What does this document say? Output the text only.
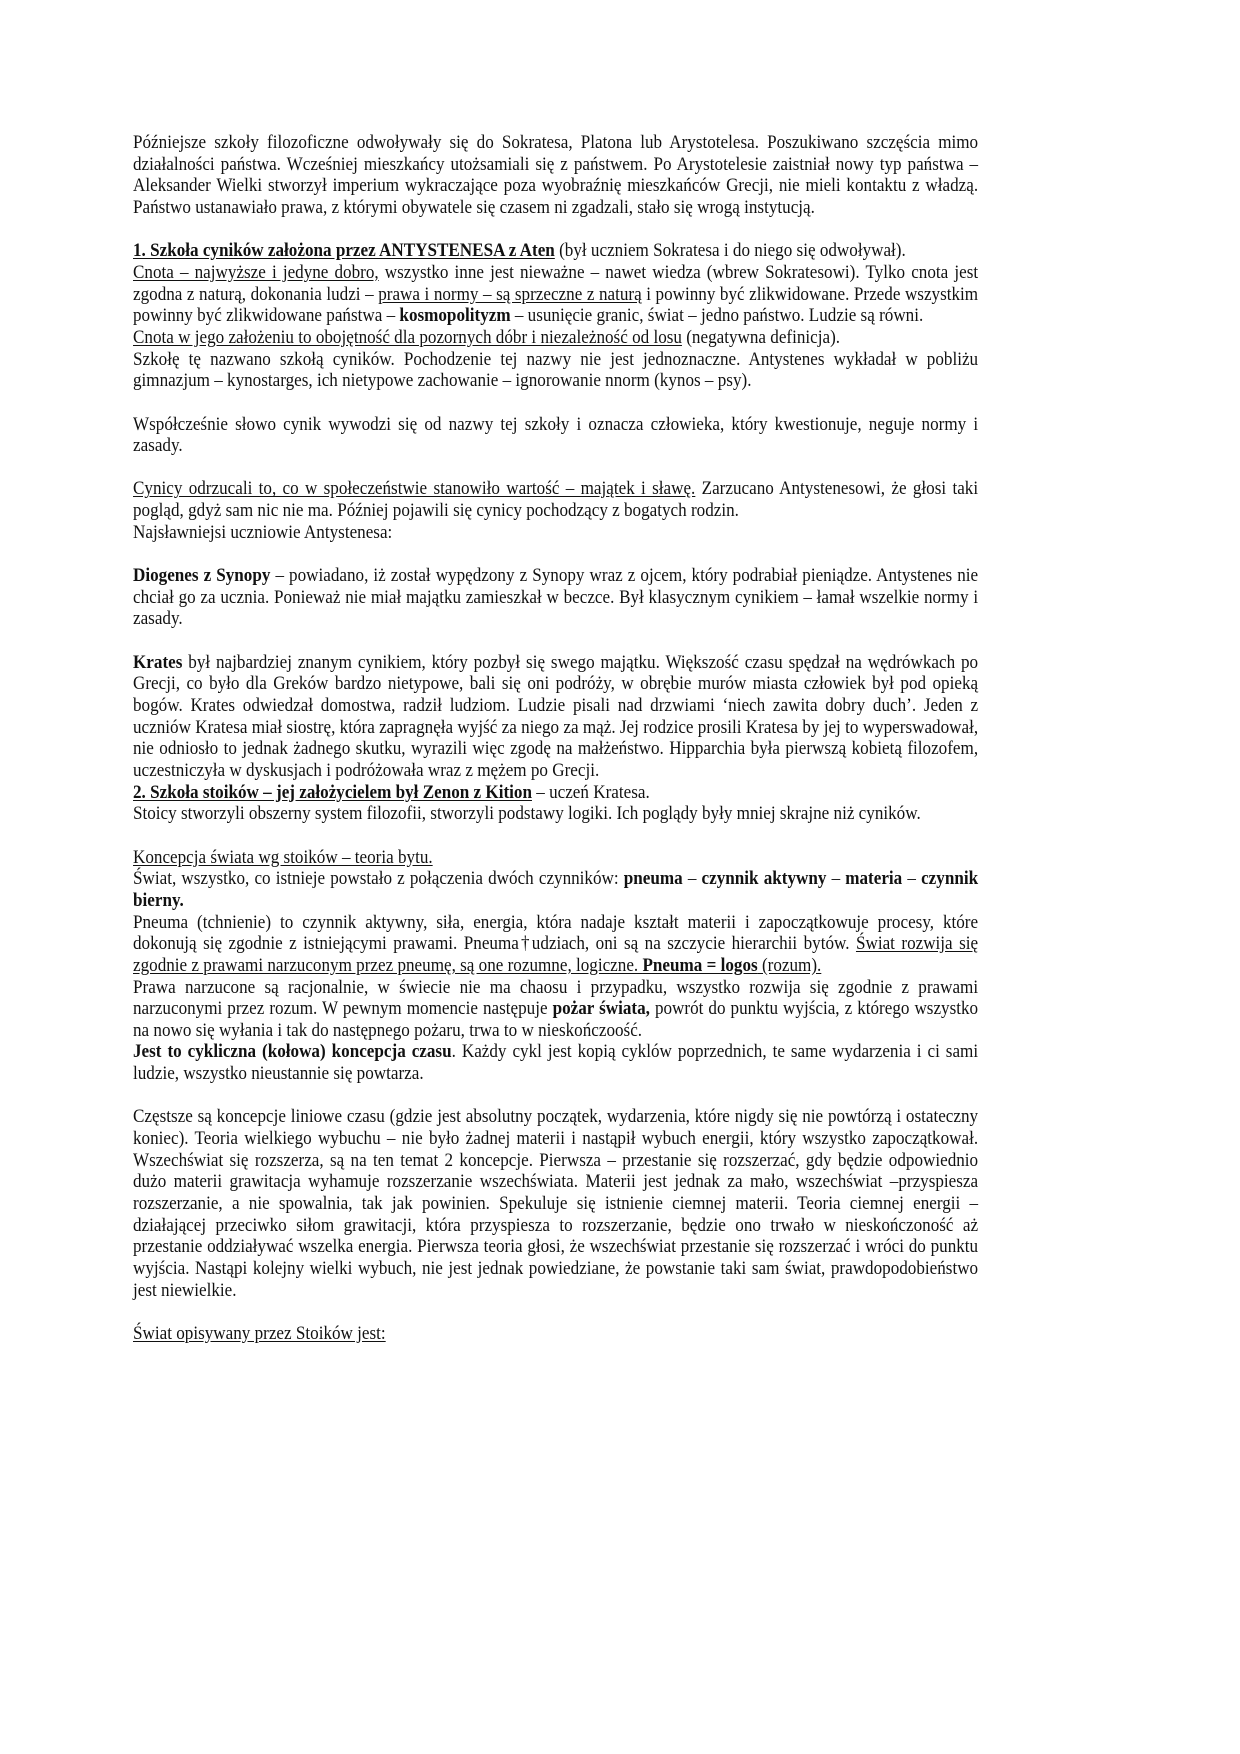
Późniejsze szkoły filozoficzne odwoływały się do Sokratesa, Platona lub Arystotelesa. Poszukiwano szczęścia mimo działalności państwa. Wcześniej mieszkańcy utożsamiali się z państwem. Po Arystotelesie zaistniał nowy typ państwa – Aleksander Wielki stworzył imperium wykraczające poza wyobraźnię mieszkańców Grecji, nie mieli kontaktu z władzą. Państwo ustanawiało prawa, z którymi obywatele się czasem ni zgadzali, stało się wrogą instytucją.

1. Szkoła cyników założona przez ANTYSTENESA z Aten (był uczniem Sokratesa i do niego się odwoływał).

Cnota – najwyższe i jedyne dobro, wszystko inne jest nieważne – nawet wiedza (wbrew Sokratesowi). Tylko cnota jest zgodna z naturą, dokonania ludzi – prawa i normy – są sprzeczne z naturą i powinny być zlikwidowane. Przede wszystkim powinny być zlikwidowane państwa – kosmopolityzm – usunięcie granic, świat – jedno państwo. Ludzie są równi.

Cnota w jego założeniu to obojętność dla pozornych dóbr i niezależność od losu (negatywna definicja).

Szkołę tę nazwano szkołą cyników. Pochodzenie tej nazwy nie jest jednoznaczne. Antystenes wykładał w pobliżu gimnazjum – kynostarges, ich nietypowe zachowanie – ignorowanie nnorm (kynos – psy).

Współcześnie słowo cynik wywodzi się od nazwy tej szkoły i oznacza człowieka, który kwestionuje, neguje normy i zasady.

Cynicy odrzucali to, co w społeczeństwie stanowiło wartość – majątek i sławę. Zarzucano Antystenesowi, że głosi taki pogląd, gdyż sam nic nie ma. Później pojawili się cynicy pochodzący z bogatych rodzin.

Najsławniejsi uczniowie Antystenesa:

Diogenes z Synopy – powiadano, iż został wypędzony z Synopy wraz z ojcem, który podrabiał pieniądze. Antystenes nie chciał go za ucznia. Ponieważ nie miał majątku zamieszkał w beczce. Był klasycznym cynikiem – łamał wszelkie normy i zasady.

Krates był najbardziej znanym cynikiem, który pozbył się swego majątku. Większość czasu spędzał na wędrówkach po Grecji, co było dla Greków bardzo nietypowe, bali się oni podróży, w obrębie murów miasta człowiek był pod opieką bogów. Krates odwiedzał domostwa, radził ludziom. Ludzie pisali nad drzwiami ‘niech zawita dobry duch’. Jeden z uczniów Kratesa miał siostrę, która zapragnęła wyjść za niego za mąż. Jej rodzice prosili Kratesa by jej to wyperswadował, nie odniosło to jednak żadnego skutku, wyrazili więc zgodę na małżeństwo. Hipparchia była pierwszą kobietą filozofem, uczestniczyła w dyskusjach i podróżowała wraz z mężem po Grecji.

2. Szkoła stoików – jej założycielem był Zenon z Kition – uczeń Kratesa.

Stoicy stworzyli obszerny system filozofii, stworzyli podstawy logiki. Ich poglądy były mniej skrajne niż cyników.

Koncepcja świata wg stoików – teoria bytu.

Świat, wszystko, co istnieje powstało z połączenia dwóch czynników: pneuma – czynnik aktywny – materia – czynnik bierny.

Pneuma (tchnienie) to czynnik aktywny, siła, energia, która nadaje kształt materii i zapoczątkowuje procesy, które dokonują się zgodnie z istniejącymi prawami. Pneuma†udziach, oni są na szczycie hierarchii bytów. Świat rozwija się zgodnie z prawami narzuconym przez pneumę, są one rozumne, logiczne. Pneuma = logos (rozum).

Prawa narzucone są racjonalnie, w świecie nie ma chaosu i przypadku, wszystko rozwija się zgodnie z prawami narzuconymi przez rozum. W pewnym momencie następuje pożar świata, powrót do punktu wyjścia, z którego wszystko na nowo się wyłania i tak do następnego pożaru, trwa to w nieskończoość.

Jest to cykliczna (kołowa) koncepcja czasu. Każdy cykl jest kopią cyklów poprzednich, te same wydarzenia i ci sami ludzie, wszystko nieustannie się powtarza.

Częstsze są koncepcje liniowe czasu (gdzie jest absolutny początek, wydarzenia, które nigdy się nie powtórzą i ostateczny koniec). Teoria wielkiego wybuchu – nie było żadnej materii i nastąpił wybuch energii, który wszystko zapoczątkował. Wszechświat się rozszerza, są na ten temat 2 koncepcje. Pierwsza – przestanie się rozszerzać, gdy będzie odpowiednio dużo materii grawitacja wyhamuje rozszerzanie wszechświata. Materii jest jednak za mało, wszechświat –przyspiesza rozszerzanie, a nie spowalnia, tak jak powinien. Spekuluje się istnienie ciemnej materii. Teoria ciemnej energii – działającej przeciwko siłom grawitacji, która przyspiesza to rozszerzanie, będzie ono trwało w nieskończoność aż przestanie oddziaływać wszelka energia. Pierwsza teoria głosi, że wszechświat przestanie się rozszerzać i wróci do punktu wyjścia. Nastąpi kolejny wielki wybuch, nie jest jednak powiedziane, że powstanie taki sam świat, prawdopodobieństwo jest niewielkie.

Świat opisywany przez Stoików jest:
